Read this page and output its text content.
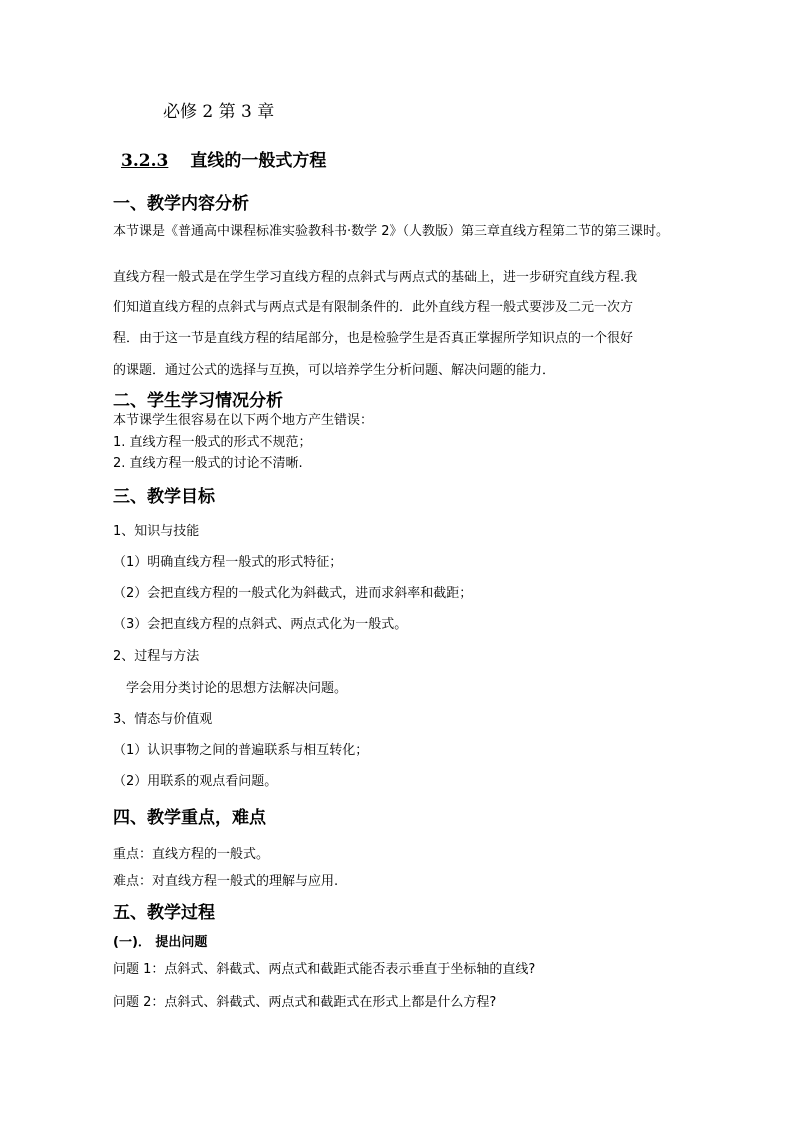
必修 2 第 3 章
3.2.3 直线的一般式方程
一、教学内容分析
本节课是《普通高中课程标准实验教科书·数学 2》（人教版）第三章直线方程第二节的第三课时。
直线方程一般式是在学生学习直线方程的点斜式与两点式的基础上，进一步研究直线方程.我
们知道直线方程的点斜式与两点式是有限制条件的．此外直线方程一般式要涉及二元一次方
程．由于这一节是直线方程的结尾部分，也是检验学生是否真正掌握所学知识点的一个很好
的课题．通过公式的选择与互换，可以培养学生分析问题、解决问题的能力．
二、学生学习情况分析
本节课学生很容易在以下两个地方产生错误：
1. 直线方程一般式的形式不规范；
2. 直线方程一般式的讨论不清晰.
三、教学目标
1、知识与技能
（1）明确直线方程一般式的形式特征；
（2）会把直线方程的一般式化为斜截式，进而求斜率和截距；
（3）会把直线方程的点斜式、两点式化为一般式。
2、过程与方法
学会用分类讨论的思想方法解决问题。
3、情态与价值观
（1）认识事物之间的普遍联系与相互转化；
（2）用联系的观点看问题。
四、教学重点，难点
重点：直线方程的一般式。
难点：对直线方程一般式的理解与应用.
五、教学过程
(一)． 提出问题
问题 1：点斜式、斜截式、两点式和截距式能否表示垂直于坐标轴的直线?
问题 2：点斜式、斜截式、两点式和截距式在形式上都是什么方程?
